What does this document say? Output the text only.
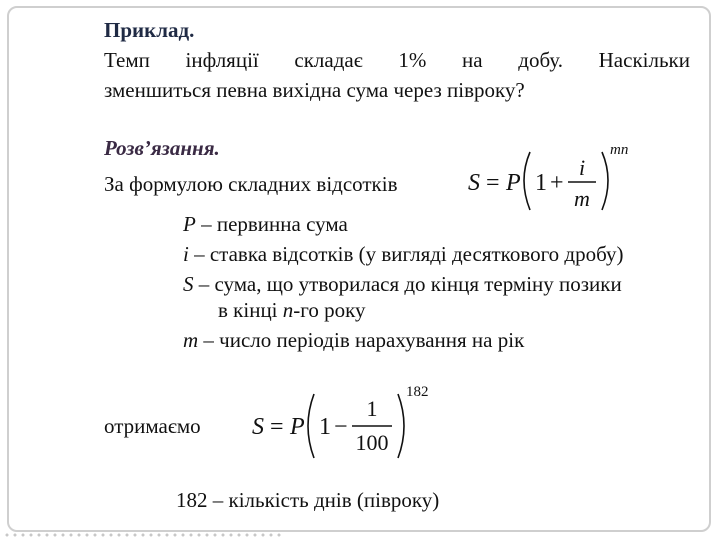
Приклад.
Темп інфляції складає 1% на добу. Наскільки
зменшиться певна вихідна сума через півроку?
Розв’язання.
За формулою складних відсотків	S = P 1 +
i
m
mn
P – первинна сума
i – ставка відсотків (у вигляді десяткового дробу)
S – сума, що утворилася до кінця терміну позики
в кінці n-го року
m – число періодів нарахування на рік
отримаємо S = P 1 −
1
100
182
182 – кількість днів (півроку)
